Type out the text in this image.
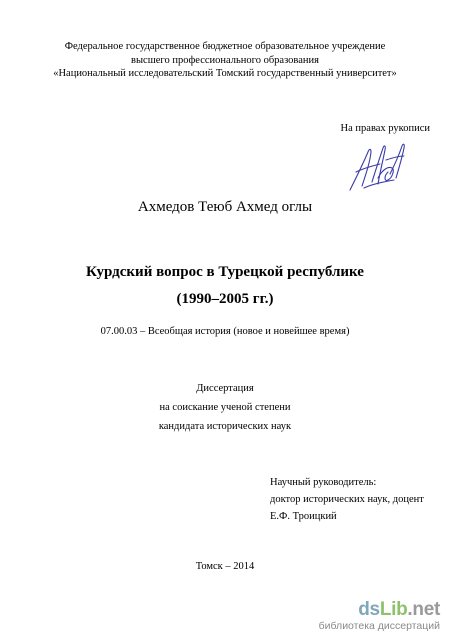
Федеральное государственное бюджетное образовательное учреждение
высшего профессионального образования
«Национальный исследовательский Томский государственный университет»
На правах рукописи
Ахмедов Теюб Ахмед оглы
Курдский вопрос в Турецкой республике
(1990–2005 гг.)
07.00.03 – Всеобщая история (новое и новейшее время)
Диссертация
на соискание ученой степени
кандидата исторических наук
Научный руководитель:
доктор исторических наук, доцент
Е.Ф. Троицкий
Томск – 2014
dsLib.net
библиотека диссертаций
